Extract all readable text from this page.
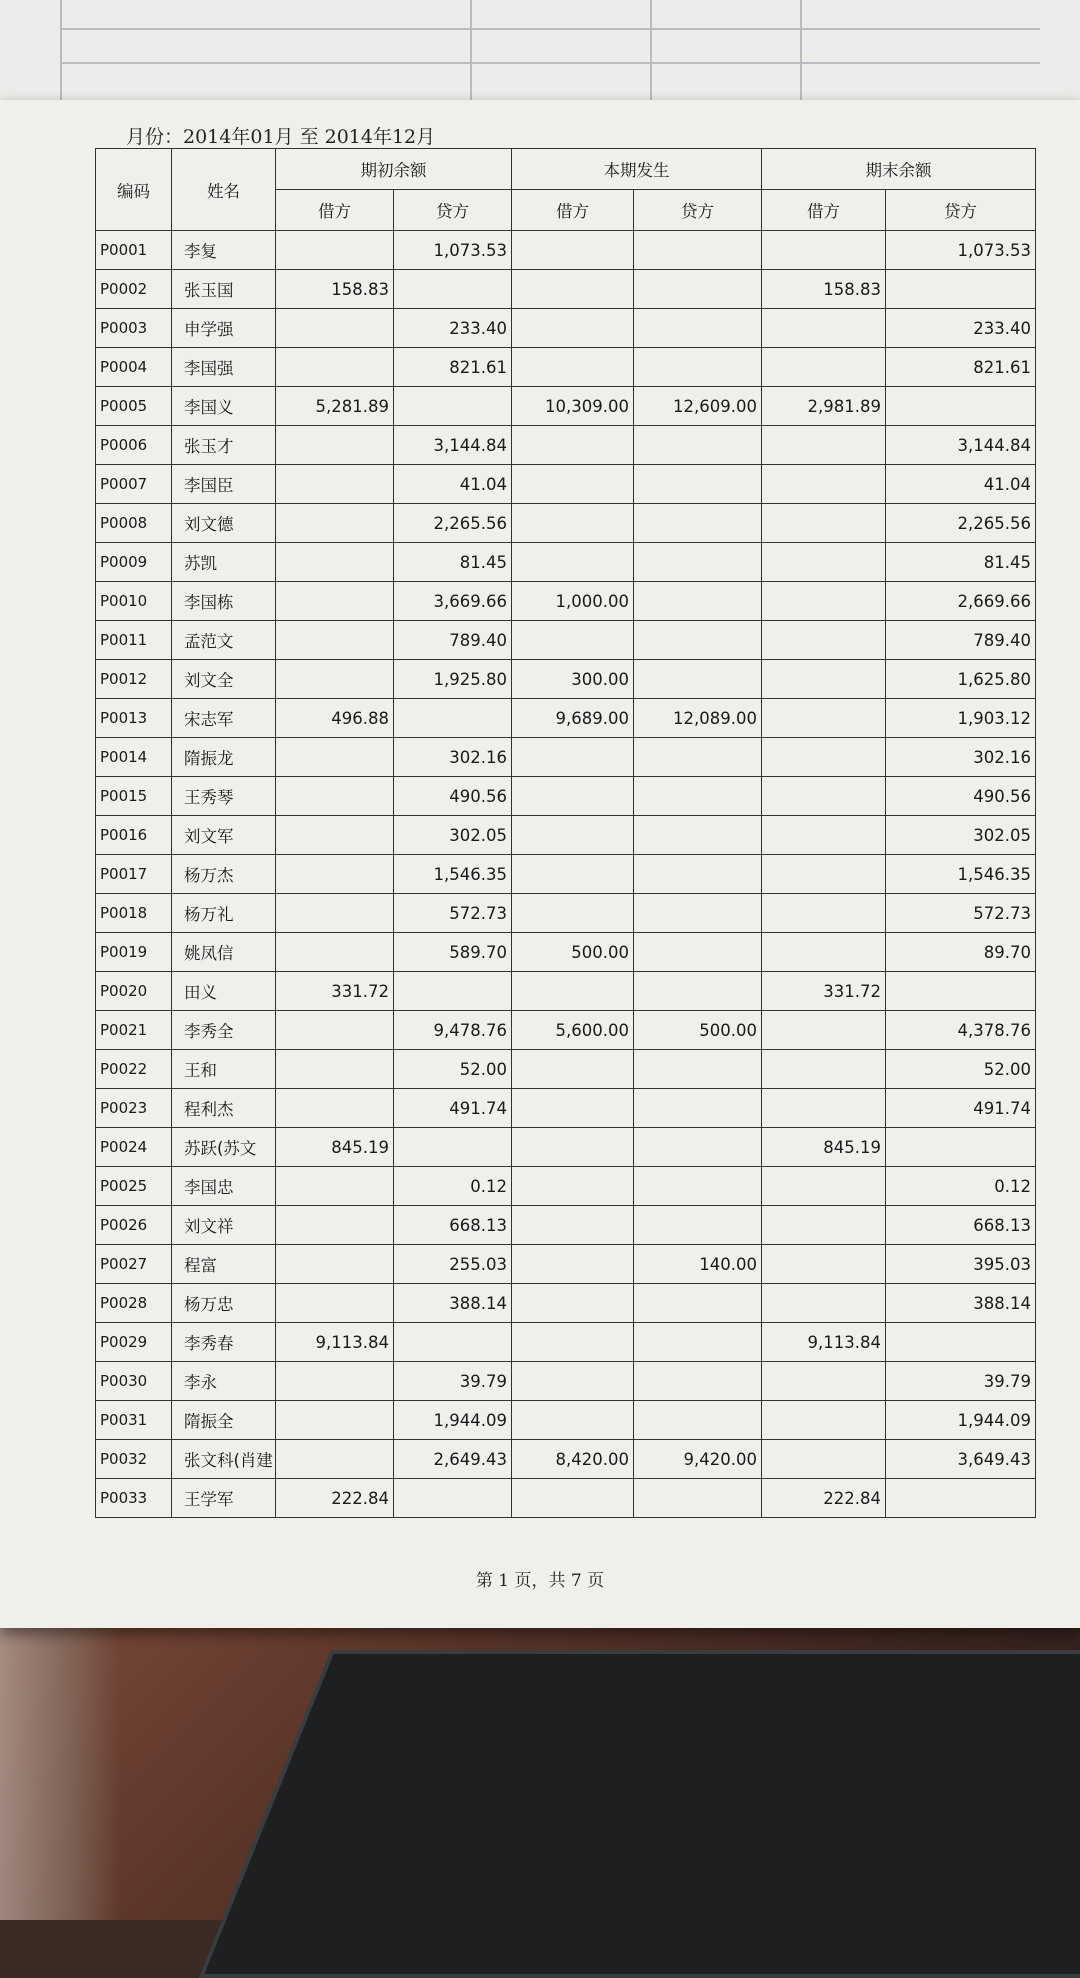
月份：2014年01月 至 2014年12月
编码	姓名	期初余额		本期发生		期末余额	
		借方	贷方	借方	贷方	借方	贷方
P0001	李复		1,073.53				1,073.53
P0002	张玉国	158.83				158.83	
P0003	申学强		233.40				233.40
P0004	李国强		821.61				821.61
P0005	李国义	5,281.89		10,309.00	12,609.00	2,981.89	
P0006	张玉才		3,144.84				3,144.84
P0007	李国臣		41.04				41.04
P0008	刘文德		2,265.56				2,265.56
P0009	苏凯		81.45				81.45
P0010	李国栋		3,669.66	1,000.00			2,669.66
P0011	孟范文		789.40				789.40
P0012	刘文全		1,925.80	300.00			1,625.80
P0013	宋志军	496.88		9,689.00	12,089.00		1,903.12
P0014	隋振龙		302.16				302.16
P0015	王秀琴		490.56				490.56
P0016	刘文军		302.05				302.05
P0017	杨万杰		1,546.35				1,546.35
P0018	杨万礼		572.73				572.73
P0019	姚凤信		589.70	500.00			89.70
P0020	田义	331.72				331.72	
P0021	李秀全		9,478.76	5,600.00	500.00		4,378.76
P0022	王和		52.00				52.00
P0023	程利杰		491.74				491.74
P0024	苏跃(苏文	845.19				845.19	
P0025	李国忠		0.12				0.12
P0026	刘文祥		668.13				668.13
P0027	程富		255.03		140.00		395.03
P0028	杨万忠		388.14				388.14
P0029	李秀春	9,113.84				9,113.84	
P0030	李永		39.79				39.79
P0031	隋振全		1,944.09				1,944.09
P0032	张文科(肖建		2,649.43	8,420.00	9,420.00		3,649.43
P0033	王学军	222.84				222.84	
第 1 页，共 7 页
